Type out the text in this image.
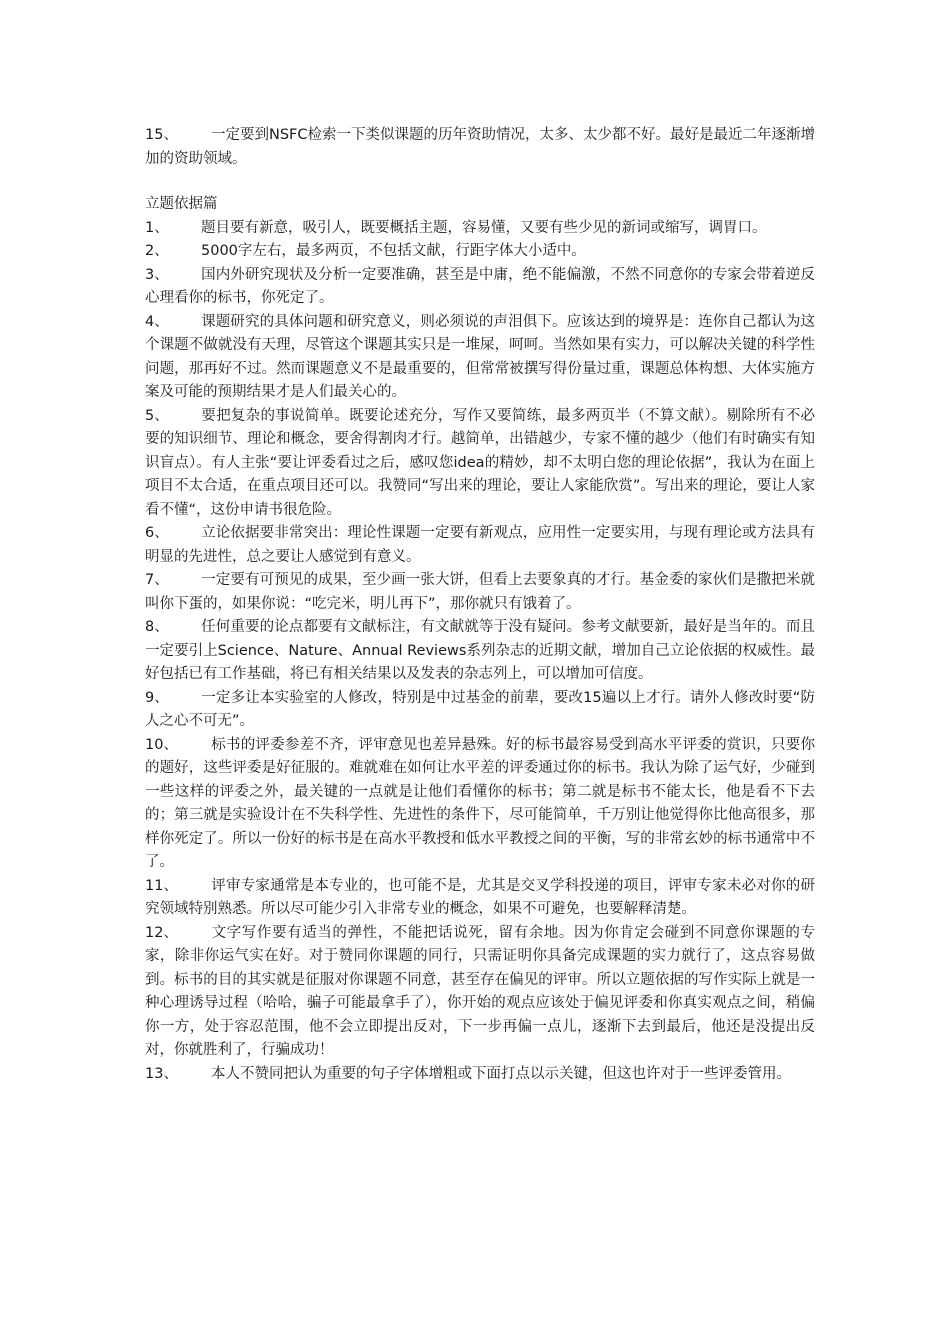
15、 一定要到NSFC检索一下类似课题的历年资助情况，太多、太少都不好。最好是最近二年逐渐增加的资助领域。

立题依据篇

1、 题目要有新意，吸引人，既要概括主题，容易懂，又要有些少见的新词或缩写，调胃口。

2、 5000字左右，最多两页，不包括文献，行距字体大小适中。

3、 国内外研究现状及分析一定要准确，甚至是中庸，绝不能偏激，不然不同意你的专家会带着逆反心理看你的标书，你死定了。

4、 课题研究的具体问题和研究意义，则必须说的声泪俱下。应该达到的境界是：连你自己都认为这个课题不做就没有天理，尽管这个课题其实只是一堆屎，呵呵。当然如果有实力，可以解决关键的科学性问题，那再好不过。然而课题意义不是最重要的，但常常被撰写得份量过重，课题总体构想、大体实施方案及可能的预期结果才是人们最关心的。

5、 要把复杂的事说简单。既要论述充分，写作又要简练，最多两页半（不算文献）。剔除所有不必要的知识细节、理论和概念，要舍得割肉才行。越简单，出错越少，专家不懂的越少（他们有时确实有知识盲点）。有人主张“要让评委看过之后，感叹您idea的精妙，却不太明白您的理论依据”，我认为在面上项目不太合适，在重点项目还可以。我赞同“写出来的理论，要让人家能欣赏”。写出来的理论，要让人家看不懂“，这份申请书很危险。

6、 立论依据要非常突出：理论性课题一定要有新观点，应用性一定要实用，与现有理论或方法具有明显的先进性，总之要让人感觉到有意义。

7、 一定要有可预见的成果，至少画一张大饼，但看上去要象真的才行。基金委的家伙们是撒把米就叫你下蛋的，如果你说：“吃完米，明儿再下”，那你就只有饿着了。

8、 任何重要的论点都要有文献标注，有文献就等于没有疑问。参考文献要新，最好是当年的。而且一定要引上Science、Nature、Annual Reviews系列杂志的近期文献，增加自己立论依据的权威性。最好包括已有工作基础，将已有相关结果以及发表的杂志列上，可以增加可信度。

9、 一定多让本实验室的人修改，特别是中过基金的前辈，要改15遍以上才行。请外人修改时要“防人之心不可无”。

10、 标书的评委参差不齐，评审意见也差异悬殊。好的标书最容易受到高水平评委的赏识，只要你的题好，这些评委是好征服的。难就难在如何让水平差的评委通过你的标书。我认为除了运气好，少碰到一些这样的评委之外，最关键的一点就是让他们看懂你的标书；第二就是标书不能太长，他是看不下去的；第三就是实验设计在不失科学性、先进性的条件下，尽可能简单，千万别让他觉得你比他高很多，那样你死定了。所以一份好的标书是在高水平教授和低水平教授之间的平衡，写的非常玄妙的标书通常中不了。

11、 评审专家通常是本专业的，也可能不是，尤其是交叉学科投递的项目，评审专家未必对你的研究领域特别熟悉。所以尽可能少引入非常专业的概念，如果不可避免，也要解释清楚。

12、 文字写作要有适当的弹性，不能把话说死，留有余地。因为你肯定会碰到不同意你课题的专家，除非你运气实在好。对于赞同你课题的同行，只需证明你具备完成课题的实力就行了，这点容易做到。标书的目的其实就是征服对你课题不同意，甚至存在偏见的评审。所以立题依据的写作实际上就是一种心理诱导过程（哈哈，骗子可能最拿手了），你开始的观点应该处于偏见评委和你真实观点之间，稍偏你一方，处于容忍范围，他不会立即提出反对，下一步再偏一点儿，逐渐下去到最后，他还是没提出反对，你就胜利了，行骗成功！

13、 本人不赞同把认为重要的句子字体增粗或下面打点以示关键，但这也许对于一些评委管用。
